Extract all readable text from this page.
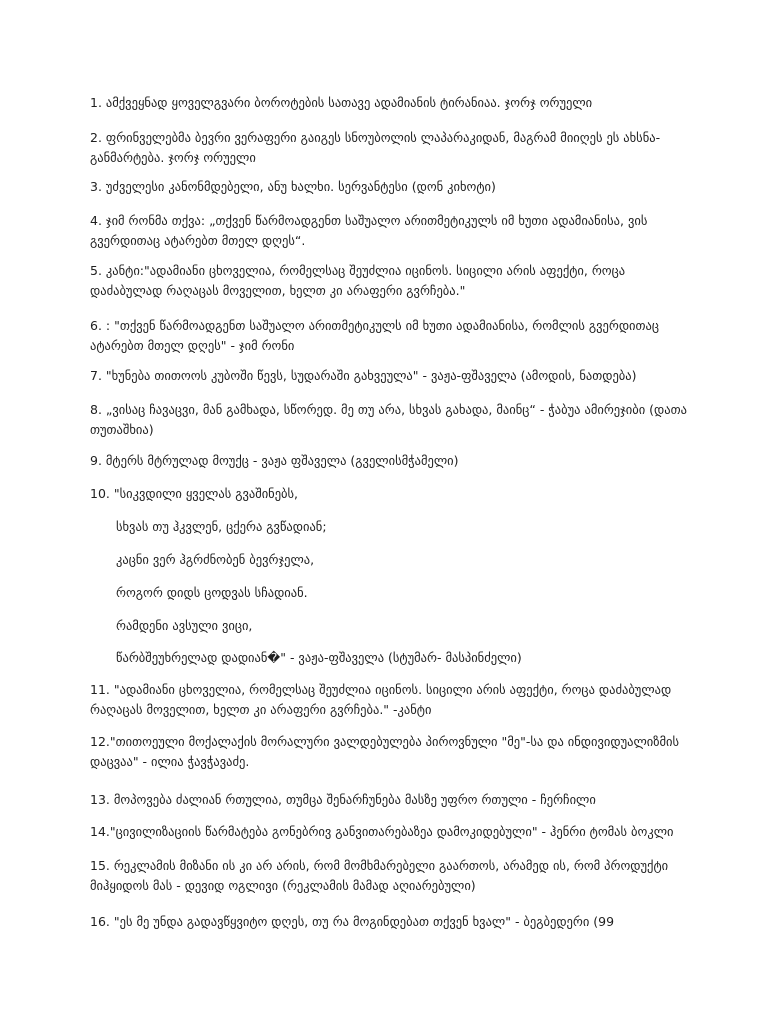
1. ამქვეყნად ყოველგვარი ბოროტების სათავე ადამიანის ტირანიაა. ჯორჯ ორუელი
2. ფრინველებმა ბევრი ვერაფერი გაიგეს სნოუბოლის ლაპარაკიდან, მაგრამ მიიღეს ეს ახსნა-განმარტება. ჯორჯ ორუელი
3. უძველესი კანონმდებელი, ანუ ხალხი. სერვანტესი (დონ კიხოტი)
4. ჯიმ რონმა თქვა: „თქვენ წარმოადგენთ საშუალო არითმეტიკულს იმ ხუთი ადამიანისა, ვის გვერდითაც ატარებთ მთელ დღეს“.
5. კანტი:"ადამიანი ცხოველია, რომელსაც შეუძლია იცინოს. სიცილი არის აფექტი, როცა დაძაბულად რაღაცას მოველით, ხელთ კი არაფერი გვრჩება."
6. : "თქვენ წარმოადგენთ საშუალო არითმეტიკულს იმ ხუთი ადამიანისა, რომლის გვერდითაც ატარებთ მთელ დღეს" - ჯიმ რონი
7. "ხუნება თითოოს კუბოში წევს, სუდარაში გახვეულა" - ვაჟა-ფშაველა (ამოდის, ნათდება)
8. „ვისაც ჩავაცვი, მან გამხადა, სწორედ. მე თუ არა, სხვას გახადა, მაინც“ - ჭაბუა ამირეჯიბი (დათა თუთაშხია)
9. მტერს მტრულად მოუქც - ვაჟა ფშაველა (გველისმჭამელი)
10. "სიკვდილი ყველას გვაშინებს,
სხვას თუ ჰკვლენ, ცქერა გვწადიან;
კაცნი ვერ ჰგრძნობენ ბევრჯელა,
როგორ დიდს ცოდვას სჩადიან.
რამდენი ავსული ვიცი,
წარბშეუხრელად დადიან�" - ვაჟა-ფშაველა (სტუმარ- მასპინძელი)
11. "ადამიანი ცხოველია, რომელსაც შეუძლია იცინოს. სიცილი არის აფექტი, როცა დაძაბულად რაღაცას მოველით, ხელთ კი არაფერი გვრჩება." -კანტი
12."თითოეული მოქალაქის მორალური ვალდებულება პიროვნული "მე"-სა და ინდივიდუალიზმის დაცვაა" - ილია ჭავჭავაძე.
13. მოპოვება ძალიან რთულია, თუმცა შენარჩუნება მასზე უფრო რთული - ჩერჩილი
14."ცივილიზაციის წარმატება გონებრივ განვითარებაზეა დამოკიდებული" - ჰენრი ტომას ბოკლი
15. რეკლამის მიზანი ის კი არ არის, რომ მომხმარებელი გაართოს, არამედ ის, რომ პროდუქტი მიჰყიდოს მას - დევიდ ოგლივი (რეკლამის მამად აღიარებული)
16. "ეს მე უნდა გადავწყვიტო დღეს, თუ რა მოგინდებათ თქვენ ხვალ" - ბეგბედერი (99
